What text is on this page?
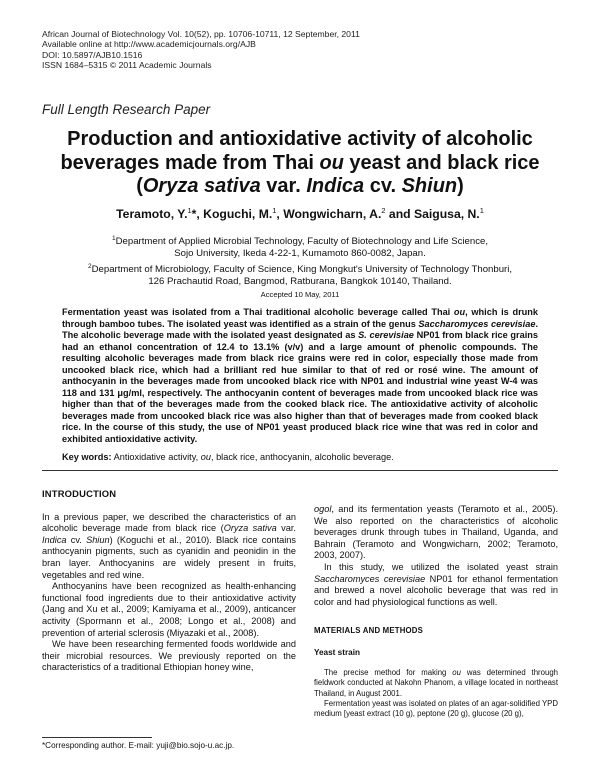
African Journal of Biotechnology Vol. 10(52), pp. 10706-10711, 12 September, 2011
Available online at http://www.academicjournals.org/AJB
DOI: 10.5897/AJB10.1516
ISSN 1684–5315 © 2011 Academic Journals
Full Length Research Paper
Production and antioxidative activity of alcoholic beverages made from Thai ou yeast and black rice (Oryza sativa var. Indica cv. Shiun)
Teramoto, Y.$^1$*, Koguchi, M.$^1$, Wongwicharn, A.$^2$ and Saigusa, N.$^1$
$^1$Department of Applied Microbial Technology, Faculty of Biotechnology and Life Science,
Sojo University, Ikeda 4-22-1, Kumamoto 860-0082, Japan.
$^2$Department of Microbiology, Faculty of Science, King Mongkut's University of Technology Thonburi,
126 Prachautid Road, Bangmod, Ratburana, Bangkok 10140, Thailand.
Accepted 10 May, 2011
Fermentation yeast was isolated from a Thai traditional alcoholic beverage called Thai ou, which is drunk through bamboo tubes. The isolated yeast was identified as a strain of the genus Saccharomyces cerevisiae. The alcoholic beverage made with the isolated yeast designated as S. cerevisiae NP01 from black rice grains had an ethanol concentration of 12.4 to 13.1% (v/v) and a large amount of phenolic compounds. The resulting alcoholic beverages made from black rice grains were red in color, especially those made from uncooked black rice, which had a brilliant red hue similar to that of red or rosé wine. The amount of anthocyanin in the beverages made from uncooked black rice with NP01 and industrial wine yeast W-4 was 118 and 131 μg/ml, respectively. The anthocyanin content of beverages made from uncooked black rice was higher than that of the beverages made from the cooked black rice. The antioxidative activity of alcoholic beverages made from uncooked black rice was also higher than that of beverages made from cooked black rice. In the course of this study, the use of NP01 yeast produced black rice wine that was red in color and exhibited antioxidative activity.
Key words: Antioxidative activity, ou, black rice, anthocyanin, alcoholic beverage.
INTRODUCTION

In a previous paper, we described the characteristics of an alcoholic beverage made from black rice (Oryza sativa var. Indica cv. Shiun) (Koguchi et al., 2010). Black rice contains anthocyanin pigments, such as cyanidin and peonidin in the bran layer. Anthocyanins are widely present in fruits, vegetables and red wine.

Anthocyanins have been recognized as health-enhancing functional food ingredients due to their antioxidative activity (Jang and Xu et al., 2009; Kamiyama et al., 2009), anticancer activity (Spormann et al., 2008; Longo et al., 2008) and prevention of arterial sclerosis (Miyazaki et al., 2008).

We have been researching fermented foods worldwide and their microbial resources. We previously reported on the characteristics of a traditional Ethiopian honey wine,

ogol, and its fermentation yeasts (Teramoto et al., 2005). We also reported on the characteristics of alcoholic beverages drunk through tubes in Thailand, Uganda, and Bahrain (Teramoto and Wongwicharn, 2002; Teramoto, 2003, 2007).

In this study, we utilized the isolated yeast strain Saccharomyces cerevisiae NP01 for ethanol fermentation and brewed a novel alcoholic beverage that was red in color and had physiological functions as well.

MATERIALS AND METHODS
Yeast strain

The precise method for making ou was determined through fieldwork conducted at Nakohn Phanom, a village located in northeast Thailand, in August 2001.

Fermentation yeast was isolated on plates of an agar-solidified YPD medium [yeast extract (10 g), peptone (20 g), glucose (20 g),

*Corresponding author. E-mail: yuji@bio.sojo-u.ac.jp.
